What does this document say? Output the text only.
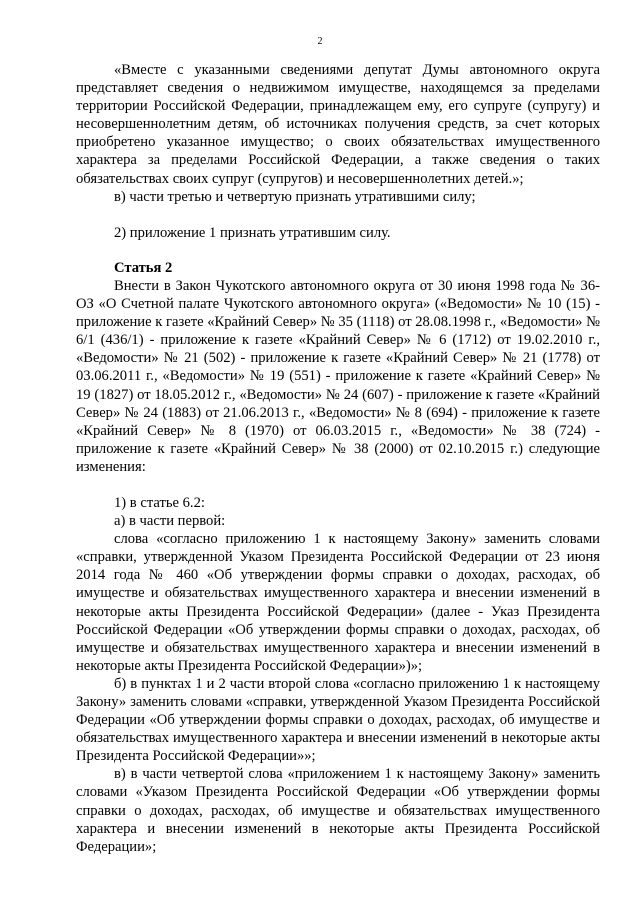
2

«Вместе с указанными сведениями депутат Думы автономного округа представляет сведения о недвижимом имуществе, находящемся за пределами территории Российской Федерации, принадлежащем ему, его супруге (супругу) и несовершеннолетним детям, об источниках получения средств, за счет которых приобретено указанное имущество; о своих обязательствах имущественного характера за пределами Российской Федерации, а также сведения о таких обязательствах своих супруг (супругов) и несовершеннолетних детей.»;

в) части третью и четвертую признать утратившими силу;

2) приложение 1 признать утратившим силу.

Статья 2

Внести в Закон Чукотского автономного округа от 30 июня 1998 года № 36-ОЗ «О Счетной палате Чукотского автономного округа» («Ведомости» № 10 (15) - приложение к газете «Крайний Север» № 35 (1118) от 28.08.1998 г., «Ведомости» № 6/1 (436/1) - приложение к газете «Крайний Север» № 6 (1712) от 19.02.2010 г., «Ведомости» № 21 (502) - приложение к газете «Крайний Север» № 21 (1778) от 03.06.2011 г., «Ведомости» № 19 (551) - приложение к газете «Крайний Север» № 19 (1827) от 18.05.2012 г., «Ведомости» № 24 (607) - приложение к газете «Крайний Север» № 24 (1883) от 21.06.2013 г., «Ведомости» № 8 (694) - приложение к газете «Крайний Север» № 8 (1970) от 06.03.2015 г., «Ведомости» № 38 (724) - приложение к газете «Крайний Север» № 38 (2000) от 02.10.2015 г.) следующие изменения:

1) в статье 6.2:

а) в части первой:

слова «согласно приложению 1 к настоящему Закону» заменить словами «справки, утвержденной Указом Президента Российской Федерации от 23 июня 2014 года № 460 «Об утверждении формы справки о доходах, расходах, об имуществе и обязательствах имущественного характера и внесении изменений в некоторые акты Президента Российской Федерации» (далее - Указ Президента Российской Федерации «Об утверждении формы справки о доходах, расходах, об имуществе и обязательствах имущественного характера и внесении изменений в некоторые акты Президента Российской Федерации»)»;

б) в пунктах 1 и 2 части второй слова «согласно приложению 1 к настоящему Закону» заменить словами «справки, утвержденной Указом Президента Российской Федерации «Об утверждении формы справки о доходах, расходах, об имуществе и обязательствах имущественного характера и внесении изменений в некоторые акты Президента Российской Федерации»»;

в) в части четвертой слова «приложением 1 к настоящему Закону» заменить словами «Указом Президента Российской Федерации «Об утверждении формы справки о доходах, расходах, об имуществе и обязательствах имущественного характера и внесении изменений в некоторые акты Президента Российской Федерации»;
